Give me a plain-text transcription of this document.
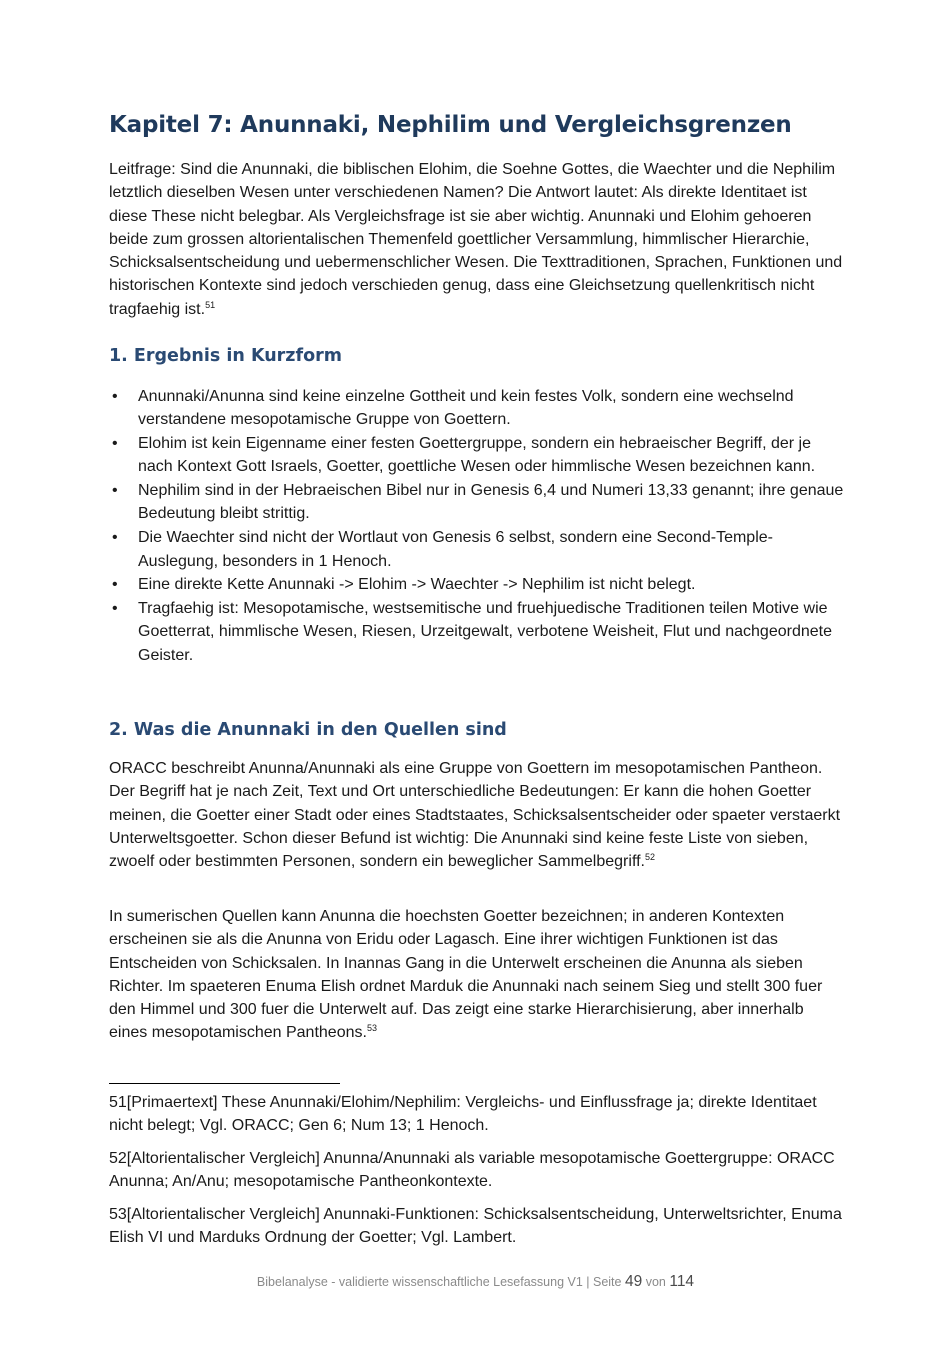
Kapitel 7: Anunnaki, Nephilim und Vergleichsgrenzen

Leitfrage: Sind die Anunnaki, die biblischen Elohim, die Soehne Gottes, die Waechter und die Nephilim letztlich dieselben Wesen unter verschiedenen Namen? Die Antwort lautet: Als direkte Identitaet ist diese These nicht belegbar. Als Vergleichsfrage ist sie aber wichtig. Anunnaki und Elohim gehoeren beide zum grossen altorientalischen Themenfeld goettlicher Versammlung, himmlischer Hierarchie, Schicksalsentscheidung und uebermenschlicher Wesen. Die Texttraditionen, Sprachen, Funktionen und historischen Kontexte sind jedoch verschieden genug, dass eine Gleichsetzung quellenkritisch nicht tragfaehig ist.$^{51}$

1. Ergebnis in Kurzform
• Anunnaki/Anunna sind keine einzelne Gottheit und kein festes Volk, sondern eine wechselnd verstandene mesopotamische Gruppe von Goettern.
• Elohim ist kein Eigenname einer festen Goettergruppe, sondern ein hebraeischer Begriff, der je nach Kontext Gott Israels, Goetter, goettliche Wesen oder himmlische Wesen bezeichnen kann.
• Nephilim sind in der Hebraeischen Bibel nur in Genesis 6,4 und Numeri 13,33 genannt; ihre genaue Bedeutung bleibt strittig.
• Die Waechter sind nicht der Wortlaut von Genesis 6 selbst, sondern eine Second-Temple-Auslegung, besonders in 1 Henoch.
• Eine direkte Kette Anunnaki -> Elohim -> Waechter -> Nephilim ist nicht belegt.
• Tragfaehig ist: Mesopotamische, westsemitische und fruehjuedische Traditionen teilen Motive wie Goetterrat, himmlische Wesen, Riesen, Urzeitgewalt, verbotene Weisheit, Flut und nachgeordnete Geister.
2. Was die Anunnaki in den Quellen sind

ORACC beschreibt Anunna/Anunnaki als eine Gruppe von Goettern im mesopotamischen Pantheon. Der Begriff hat je nach Zeit, Text und Ort unterschiedliche Bedeutungen: Er kann die hohen Goetter meinen, die Goetter einer Stadt oder eines Stadtstaates, Schicksalsentscheider oder spaeter verstaerkt Unterweltsgoetter. Schon dieser Befund ist wichtig: Die Anunnaki sind keine feste Liste von sieben, zwoelf oder bestimmten Personen, sondern ein beweglicher Sammelbegriff.$^{52}$

In sumerischen Quellen kann Anunna die hoechsten Goetter bezeichnen; in anderen Kontexten erscheinen sie als die Anunna von Eridu oder Lagasch. Eine ihrer wichtigen Funktionen ist das Entscheiden von Schicksalen. In Inannas Gang in die Unterwelt erscheinen die Anunna als sieben Richter. Im spaeteren Enuma Elish ordnet Marduk die Anunnaki nach seinem Sieg und stellt 300 fuer den Himmel und 300 fuer die Unterwelt auf. Das zeigt eine starke Hierarchisierung, aber innerhalb eines mesopotamischen Pantheons.$^{53}$

51[Primaertext] These Anunnaki/Elohim/Nephilim: Vergleichs- und Einflussfrage ja; direkte Identitaet nicht belegt; Vgl. ORACC; Gen 6; Num 13; 1 Henoch.

52[Altorientalischer Vergleich] Anunna/Anunnaki als variable mesopotamische Goettergruppe: ORACC Anunna; An/Anu; mesopotamische Pantheonkontexte.

53[Altorientalischer Vergleich] Anunnaki-Funktionen: Schicksalsentscheidung, Unterweltsrichter, Enuma Elish VI und Marduks Ordnung der Goetter; Vgl. Lambert.

Bibelanalyse - validierte wissenschaftliche Lesefassung V1 | Seite 49 von 114
